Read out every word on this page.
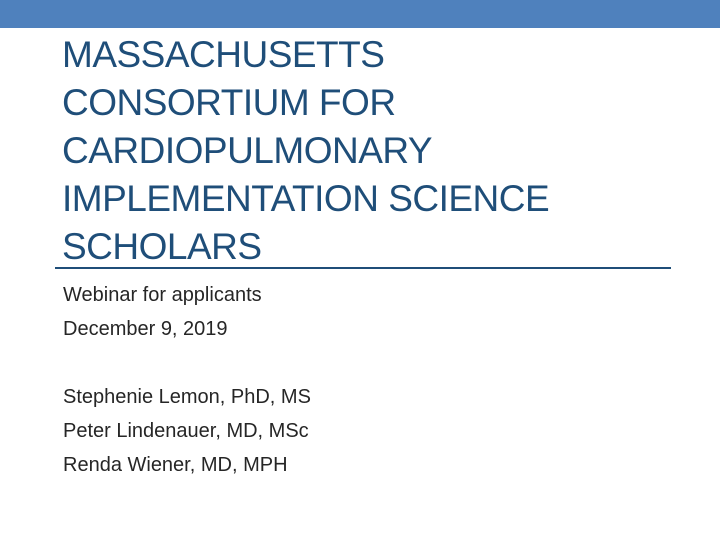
MASSACHUSETTS
CONSORTIUM FOR
CARDIOPULMONARY
IMPLEMENTATION SCIENCE
SCHOLARS
Webinar for applicants
December 9, 2019
Stephenie Lemon, PhD, MS
Peter Lindenauer, MD, MSc
Renda Wiener, MD, MPH
